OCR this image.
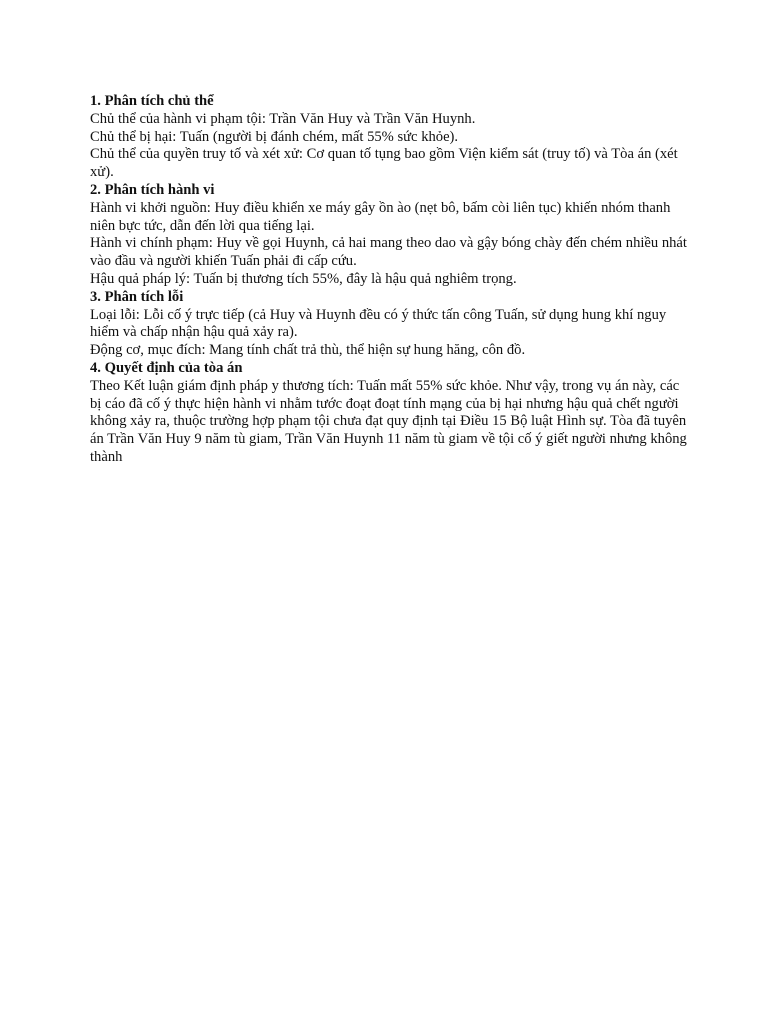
1. Phân tích chủ thể

Chủ thể của hành vi phạm tội: Trần Văn Huy và Trần Văn Huynh.

Chủ thể bị hại: Tuấn (người bị đánh chém, mất 55% sức khỏe).

Chủ thể của quyền truy tố và xét xử: Cơ quan tố tụng bao gồm Viện kiểm sát (truy tố) và Tòa án (xét xử).

2. Phân tích hành vi

Hành vi khởi nguồn: Huy điều khiển xe máy gây ồn ào (nẹt bô, bấm còi liên tục) khiến nhóm thanh niên bực tức, dẫn đến lời qua tiếng lại.

Hành vi chính phạm: Huy về gọi Huynh, cả hai mang theo dao và gậy bóng chày đến chém nhiều nhát vào đầu và người khiến Tuấn phải đi cấp cứu.

Hậu quả pháp lý: Tuấn bị thương tích 55%, đây là hậu quả nghiêm trọng.

3. Phân tích lỗi

Loại lỗi: Lỗi cố ý trực tiếp (cả Huy và Huynh đều có ý thức tấn công Tuấn, sử dụng hung khí nguy hiểm và chấp nhận hậu quả xảy ra).

Động cơ, mục đích: Mang tính chất trả thù, thể hiện sự hung hăng, côn đồ.

4. Quyết định của tòa án

Theo Kết luận giám định pháp y thương tích: Tuấn mất 55% sức khỏe. Như vậy, trong vụ án này, các bị cáo đã cố ý thực hiện hành vi nhằm tước đoạt đoạt tính mạng của bị hại nhưng hậu quả chết người không xảy ra, thuộc trường hợp phạm tội chưa đạt quy định tại Điều 15 Bộ luật Hình sự. Tòa đã tuyên án Trần Văn Huy 9 năm tù giam, Trần Văn Huynh 11 năm tù giam về tội cố ý giết người nhưng không thành
